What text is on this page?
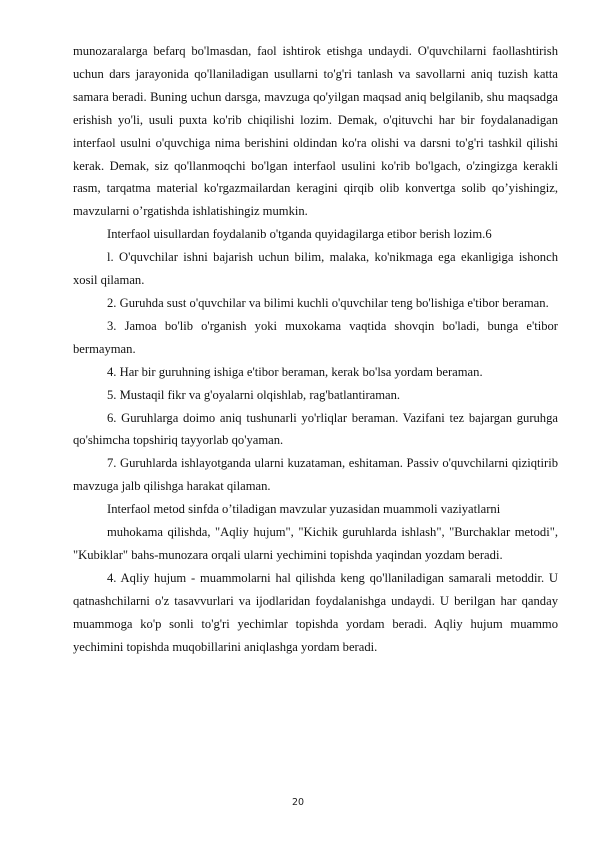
munozaralarga befarq bo'lmasdan, faol ishtirok etishga undaydi. O'quvchilarni faollashtirish uchun dars jarayonida qo'llaniladigan usullarni to'g'ri tanlash va savollarni aniq tuzish katta samara beradi. Buning uchun darsga, mavzuga qo'yilgan maqsad aniq belgilanib, shu maqsadga erishish yo'li, usuli puxta ko'rib chiqilishi lozim. Demak, o'qituvchi har bir foydalanadigan interfaol usulni o'quvchiga nima berishini oldindan ko'ra olishi va darsni to'g'ri tashkil qilishi kerak. Demak, siz qo'llanmoqchi bo'lgan interfaol usulini ko'rib bo'lgach, o'zingizga kerakli rasm, tarqatma material ko'rgazmailardan keragini qirqib olib konvertga solib qo’yishingiz, mavzularni o’rgatishda ishlatishingiz mumkin.

Interfaol uisullardan foydalanib o'tganda quyidagilarga etibor berish lozim.6

l. O'quvchilar ishni bajarish uchun bilim, malaka, ko'nikmaga ega ekanligiga ishonch xosil qilaman.

2. Guruhda sust o'quvchilar va bilimi kuchli o'quvchilar teng bo'lishiga e'tibor beraman.

3. Jamoa bo'lib o'rganish yoki muxokama vaqtida shovqin bo'ladi, bunga e'tibor bermayman.

4. Har bir guruhning ishiga e'tibor beraman, kerak bo'lsa yordam beraman.

5. Mustaqil fikr va g'oyalarni olqishlab, rag'batlantiraman.

6. Guruhlarga doimo aniq tushunarli yo'rliqlar beraman. Vazifani tez bajargan guruhga qo'shimcha topshiriq tayyorlab qo'yaman.

7. Guruhlarda ishlayotganda ularni kuzataman, eshitaman. Passiv o'quvchilarni qiziqtirib mavzuga jalb qilishga harakat qilaman.

Interfaol metod sinfda o’tiladigan mavzular yuzasidan muammoli vaziyatlarni

muhokama qilishda, "Aqliy hujum", "Kichik guruhlarda ishlash", "Burchaklar metodi", "Kubiklar" bahs-munozara orqali ularni yechimini topishda yaqindan yozdam beradi.

4. Aqliy hujum - muammolarni hal qilishda keng qo'llaniladigan samarali metoddir. U qatnashchilarni o'z tasavvurlari va ijodlaridan foydalanishga undaydi. U berilgan har qanday muammoga ko'p sonli to'g'ri yechimlar topishda yordam beradi. Aqliy hujum muammo yechimini topishda muqobillarini aniqlashga yordam beradi.

20
